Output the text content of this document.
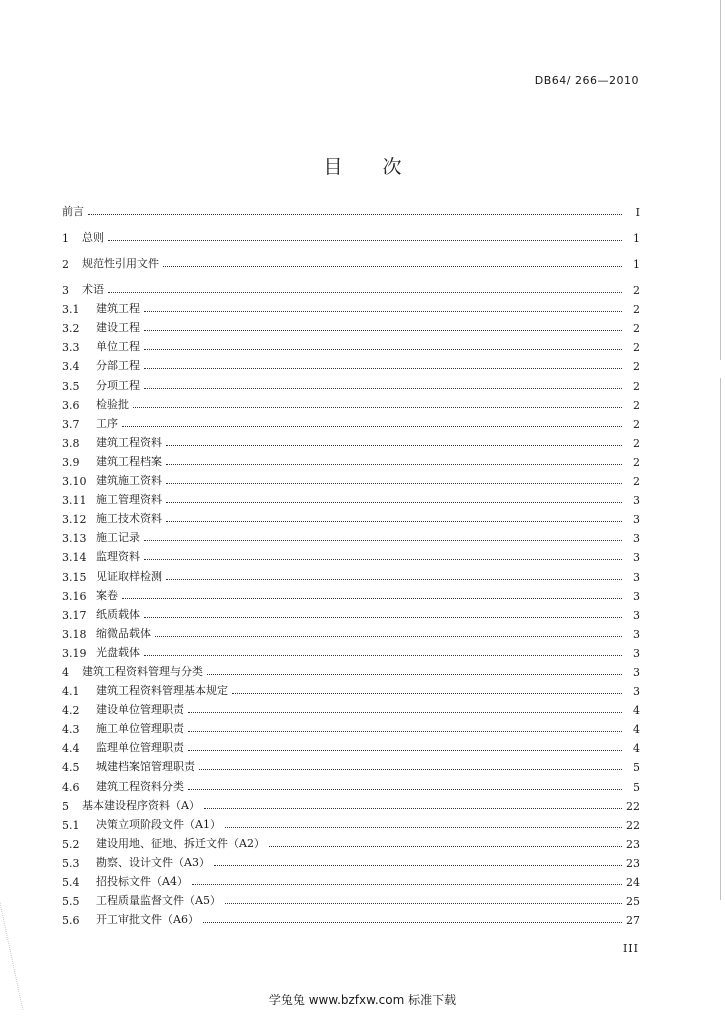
DB64/ 266—2010
目 次
前言	I
1	总则	1
2	规范性引用文件	1
3	术语	2
3.1	建筑工程	2
3.2	建设工程	2
3.3	单位工程	2
3.4	分部工程	2
3.5	分项工程	2
3.6	检验批	2
3.7	工序	2
3.8	建筑工程资料	2
3.9	建筑工程档案	2
3.10 建筑施工资料	2
3.11 施工管理资料	3
3.12 施工技术资料	3
3.13 施工记录	3
3.14 监理资料	3
3.15 见证取样检测	3
3.16 案卷	3
3.17 纸质载体	3
3.18 缩微品载体	3
3.19 光盘载体	3
4	建筑工程资料管理与分类	3
4.1	建筑工程资料管理基本规定	3
4.2	建设单位管理职责	4
4.3	施工单位管理职责	4
4.4	监理单位管理职责	4
4.5	城建档案馆管理职责	5
4.6	建筑工程资料分类	5
5	基本建设程序资料（A）	22
5.1	决策立项阶段文件（A1）	22
5.2	建设用地、征地、拆迁文件（A2）	23
5.3	勘察、设计文件（A3）	23
5.4	招投标文件（A4）	24
5.5	工程质量监督文件（A5）	25
5.6	开工审批文件（A6）	27
III
学兔兔 www.bzfxw.com 标准下载
